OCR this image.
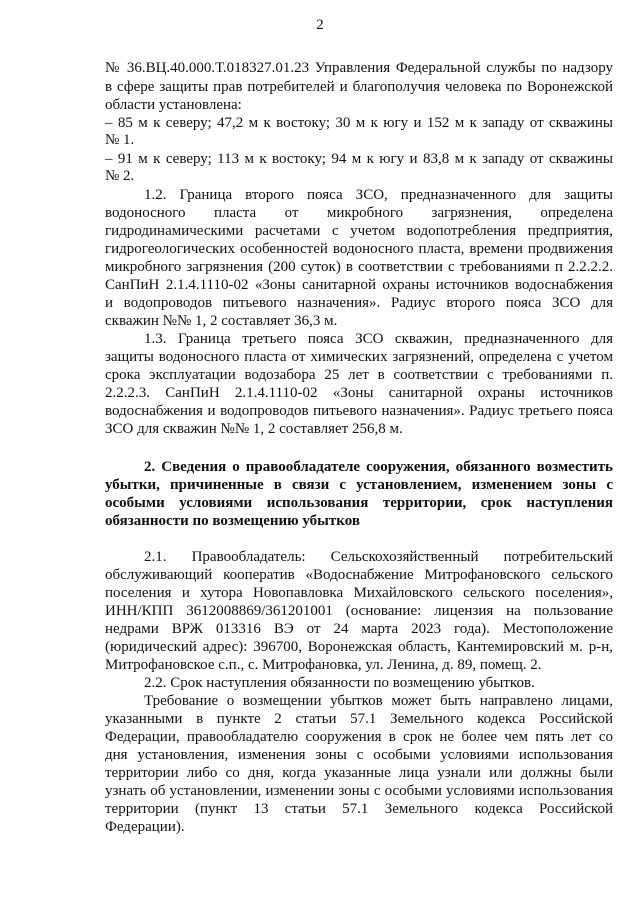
2
№ 36.ВЦ.40.000.Т.018327.01.23 Управления Федеральной службы по надзору
в сфере защиты прав потребителей и благополучия человека по Воронежской
области установлена:
– 85 м к северу; 47,2 м к востоку; 30 м к югу и 152 м к западу от скважины
№ 1.
– 91 м к северу; 113 м к востоку; 94 м к югу и 83,8 м к западу от скважины
№ 2.
1.2. Граница второго пояса ЗСО, предназначенного для защиты
водоносного пласта от микробного загрязнения, определена
гидродинамическими расчетами с учетом водопотребления предприятия,
гидрогеологических особенностей водоносного пласта, времени продвижения
микробного загрязнения (200 суток) в соответствии с требованиями п 2.2.2.2.
СанПиН 2.1.4.1110-02 «Зоны санитарной охраны источников водоснабжения
и водопроводов питьевого назначения». Радиус второго пояса ЗСО для
скважин №№ 1, 2 составляет 36,3 м.
1.3. Граница третьего пояса ЗСО скважин, предназначенного для
защиты водоносного пласта от химических загрязнений, определена с учетом
срока эксплуатации водозабора 25 лет в соответствии с требованиями п.
2.2.2.3. СанПиН 2.1.4.1110-02 «Зоны санитарной охраны источников
водоснабжения и водопроводов питьевого назначения». Радиус третьего пояса
ЗСО для скважин №№ 1, 2 составляет 256,8 м.
2. Сведения о правообладателе сооружения, обязанного возместить
убытки, причиненные в связи с установлением, изменением зоны с
особыми условиями использования территории, срок наступления
обязанности по возмещению убытков
2.1. Правообладатель: Сельскохозяйственный потребительский
обслуживающий кооператив «Водоснабжение Митрофановского сельского
поселения и хутора Новопавловка Михайловского сельского поселения»,
ИНН/КПП 3612008869/361201001 (основание: лицензия на пользование
недрами ВРЖ 013316 ВЭ от 24 марта 2023 года). Местоположение
(юридический адрес): 396700, Воронежская область, Кантемировский м. р-н,
Митрофановское с.п., с. Митрофановка, ул. Ленина, д. 89, помещ. 2.
2.2. Срок наступления обязанности по возмещению убытков.
Требование о возмещении убытков может быть направлено лицами,
указанными в пункте 2 статьи 57.1 Земельного кодекса Российской
Федерации, правообладателю сооружения в срок не более чем пять лет со
дня установления, изменения зоны с особыми условиями использования
территории либо со дня, когда указанные лица узнали или должны были
узнать об установлении, изменении зоны с особыми условиями использования
территории (пункт 13 статьи 57.1 Земельного кодекса Российской
Федерации).
